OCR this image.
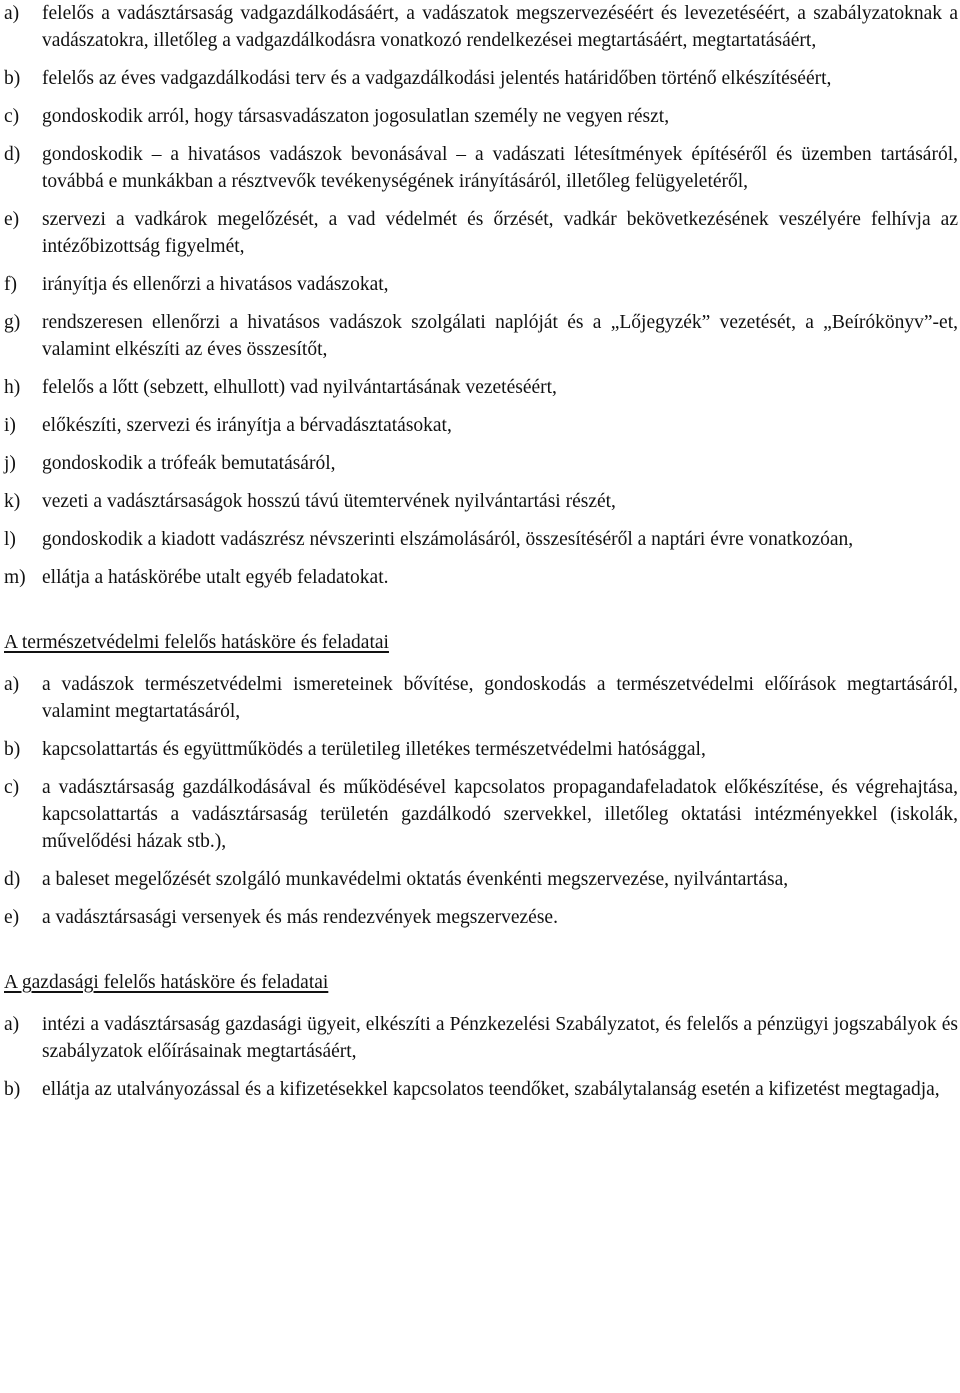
a) felelős a vadásztársaság vadgazdálkodásáért, a vadászatok megszervezéséért és levezetéséért, a szabályzatoknak a vadászatokra, illetőleg a vadgazdálkodásra vonatkozó rendelkezései megtartásáért, megtartatásáért,
b) felelős az éves vadgazdálkodási terv és a vadgazdálkodási jelentés határidőben történő elkészítéséért,
c) gondoskodik arról, hogy társasvadászaton jogosulatlan személy ne vegyen részt,
d) gondoskodik – a hivatásos vadászok bevonásával – a vadászati létesítmények építéséről és üzemben tartásáról, továbbá e munkákban a résztvevők tevékenységének irányításáról, illetőleg felügyeletéről,
e) szervezi a vadkárok megelőzését, a vad védelmét és őrzését, vadkár bekövetkezésének veszélyére felhívja az intézőbizottság figyelmét,
f) irányítja és ellenőrzi a hivatásos vadászokat,
g) rendszeresen ellenőrzi a hivatásos vadászok szolgálati naplóját és a „Lőjegyzék” vezetését, a „Beírókönyv”-et, valamint elkészíti az éves összesítőt,
h) felelős a lőtt (sebzett, elhullott) vad nyilvántartásának vezetéséért,
i) előkészíti, szervezi és irányítja a bérvadásztatásokat,
j) gondoskodik a trófeák bemutatásáról,
k) vezeti a vadásztársaságok hosszú távú ütemtervének nyilvántartási részét,
l) gondoskodik a kiadott vadászrész névszerinti elszámolásáról, összesítéséről a naptári évre vonatkozóan,
m) ellátja a hatáskörébe utalt egyéb feladatokat.
A természetvédelmi felelős hatásköre és feladatai
a) a vadászok természetvédelmi ismereteinek bővítése, gondoskodás a természetvédelmi előírások megtartásáról, valamint megtartatásáról,
b) kapcsolattartás és együttműködés a területileg illetékes természetvédelmi hatósággal,
c) a vadásztársaság gazdálkodásával és működésével kapcsolatos propagandafeladatok előkészítése, és végrehajtása, kapcsolattartás a vadásztársaság területén gazdálkodó szervekkel, illetőleg oktatási intézményekkel (iskolák, művelődési házak stb.),
d) a baleset megelőzését szolgáló munkavédelmi oktatás évenkénti megszervezése, nyilvántartása,
e) a vadásztársasági versenyek és más rendezvények megszervezése.
A gazdasági felelős hatásköre és feladatai
a) intézi a vadásztársaság gazdasági ügyeit, elkészíti a Pénzkezelési Szabályzatot, és felelős a pénzügyi jogszabályok és szabályzatok előírásainak megtartásáért,
b) ellátja az utalványozással és a kifizetésekkel kapcsolatos teendőket, szabálytalanság esetén a kifizetést megtagadja,
